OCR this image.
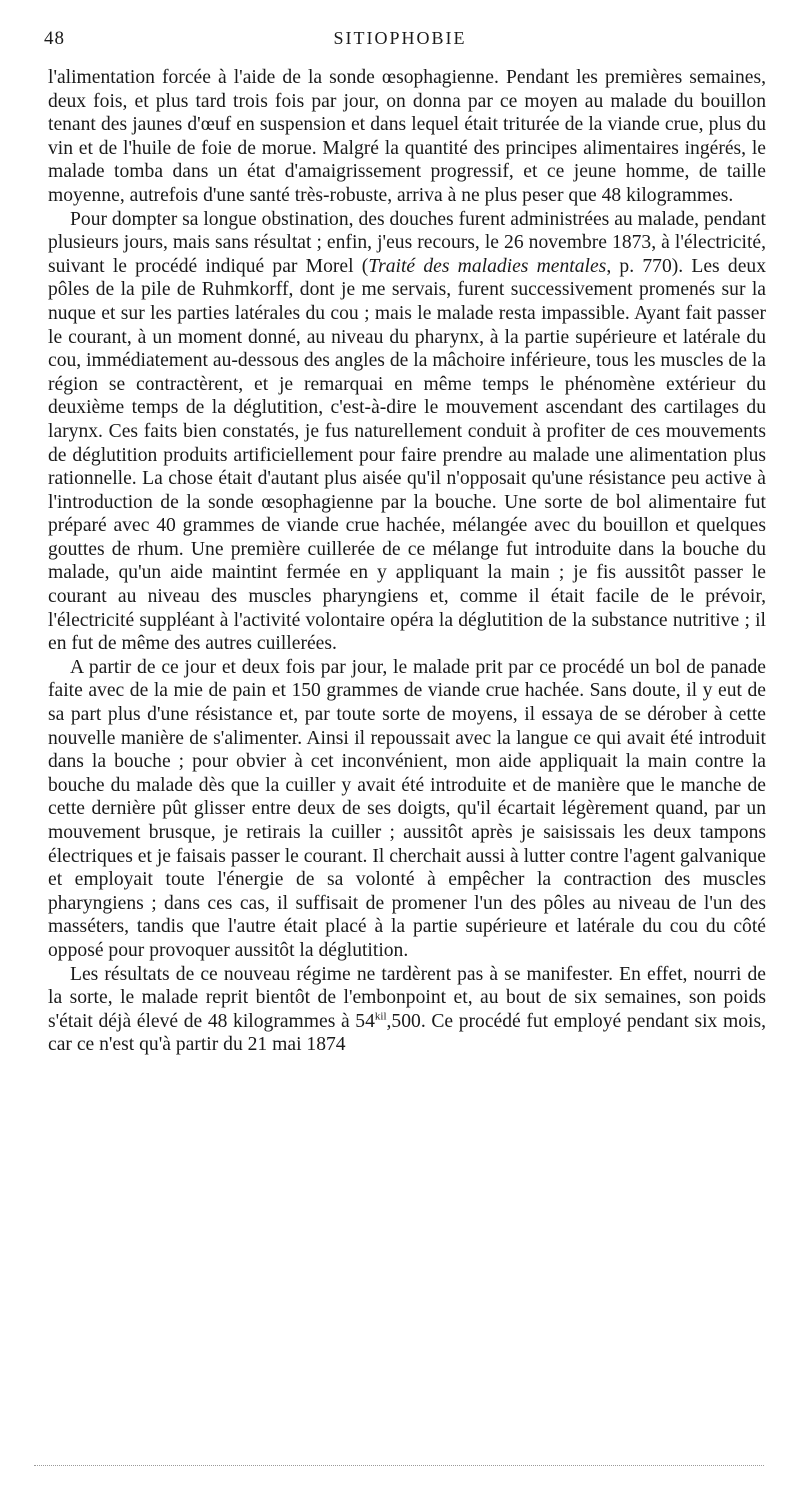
48	SITIOPHOBIE

l'alimentation forcée à l'aide de la sonde œsophagienne. Pendant les premières semaines, deux fois, et plus tard trois fois par jour, on donna par ce moyen au malade du bouillon tenant des jaunes d'œuf en suspension et dans lequel était triturée de la viande crue, plus du vin et de l'huile de foie de morue. Malgré la quantité des principes alimentaires ingérés, le malade tomba dans un état d'amaigrissement progressif, et ce jeune homme, de taille moyenne, autrefois d'une santé très-robuste, arriva à ne plus peser que 48 kilogrammes.

Pour dompter sa longue obstination, des douches furent administrées au malade, pendant plusieurs jours, mais sans résultat ; enfin, j'eus recours, le 26 novembre 1873, à l'électricité, suivant le procédé indiqué par Morel (Traité des maladies mentales, p. 770). Les deux pôles de la pile de Ruhmkorff, dont je me servais, furent successivement promenés sur la nuque et sur les parties latérales du cou ; mais le malade resta impassible. Ayant fait passer le courant, à un moment donné, au niveau du pharynx, à la partie supérieure et latérale du cou, immédiatement au-dessous des angles de la mâchoire inférieure, tous les muscles de la région se contractèrent, et je remarquai en même temps le phénomène extérieur du deuxième temps de la déglutition, c'est-à-dire le mouvement ascendant des cartilages du larynx. Ces faits bien constatés, je fus naturellement conduit à profiter de ces mouvements de déglutition produits artificiellement pour faire prendre au malade une alimentation plus rationnelle. La chose était d'autant plus aisée qu'il n'opposait qu'une résistance peu active à l'introduction de la sonde œsophagienne par la bouche. Une sorte de bol alimentaire fut préparé avec 40 grammes de viande crue hachée, mélangée avec du bouillon et quelques gouttes de rhum. Une première cuillerée de ce mélange fut introduite dans la bouche du malade, qu'un aide maintint fermée en y appliquant la main ; je fis aussitôt passer le courant au niveau des muscles pharyngiens et, comme il était facile de le prévoir, l'électricité suppléant à l'activité volontaire opéra la déglutition de la substance nutritive ; il en fut de même des autres cuillerées.

A partir de ce jour et deux fois par jour, le malade prit par ce procédé un bol de panade faite avec de la mie de pain et 150 grammes de viande crue hachée. Sans doute, il y eut de sa part plus d'une résistance et, par toute sorte de moyens, il essaya de se dérober à cette nouvelle manière de s'alimenter. Ainsi il repoussait avec la langue ce qui avait été introduit dans la bouche ; pour obvier à cet inconvénient, mon aide appliquait la main contre la bouche du malade dès que la cuiller y avait été introduite et de manière que le manche de cette dernière pût glisser entre deux de ses doigts, qu'il écartait légèrement quand, par un mouvement brusque, je retirais la cuiller ; aussitôt après je saisissais les deux tampons électriques et je faisais passer le courant. Il cherchait aussi à lutter contre l'agent galvanique et employait toute l'énergie de sa volonté à empêcher la contraction des muscles pharyngiens ; dans ces cas, il suffisait de promener l'un des pôles au niveau de l'un des masséters, tandis que l'autre était placé à la partie supérieure et latérale du cou du côté opposé pour provoquer aussitôt la déglutition.

Les résultats de ce nouveau régime ne tardèrent pas à se manifester. En effet, nourri de la sorte, le malade reprit bientôt de l'embonpoint et, au bout de six semaines, son poids s'était déjà élevé de 48 kilogrammes à $54^{kil},500$. Ce procédé fut employé pendant six mois, car ce n'est qu'à partir du 21 mai 1874
